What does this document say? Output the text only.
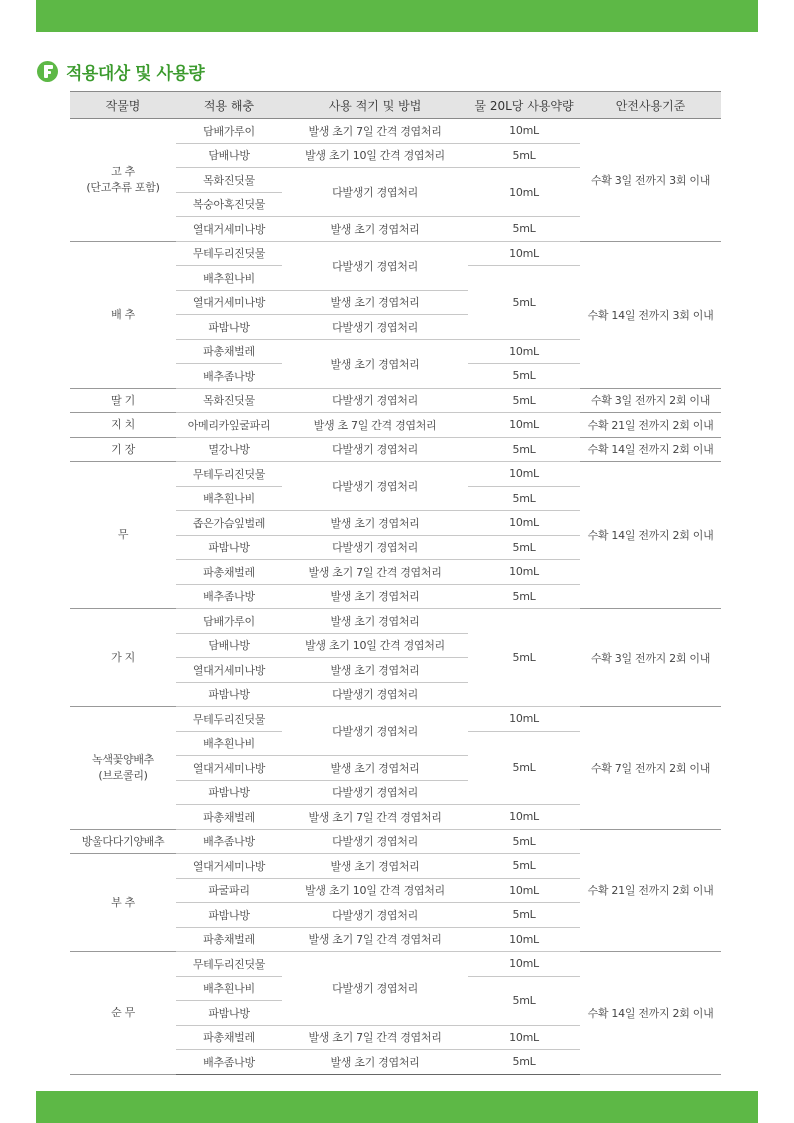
적용대상 및 사용량
작물명	적용 해충	사용 적기 및 방법	물 20L당 사용약량	안전사용기준
고 추
(단고추류 포함)	담배가루이	발생 초기 7일 간격 경엽처리	10mL	수확 3일 전까지 3회 이내
	담배나방	발생 초기 10일 간격 경엽처리	5mL	
	목화진딧물	다발생기 경엽처리	10mL	
	복숭아혹진딧물			
	열대거세미나방	발생 초기 경엽처리	5mL	
배 추	무테두리진딧물	다발생기 경엽처리	10mL	수확 14일 전까지 3회 이내
	배추흰나비		5mL	
	열대거세미나방	발생 초기 경엽처리		
	파밤나방	다발생기 경엽처리		
	파총채벌레	발생 초기 경엽처리	10mL	
	배추좀나방		5mL	
딸 기	목화진딧물	다발생기 경엽처리	5mL	수확 3일 전까지 2회 이내
지 치	아메리카잎굴파리	발생 초 7일 간격 경엽처리	10mL	수확 21일 전까지 2회 이내
기 장	멸강나방	다발생기 경엽처리	5mL	수확 14일 전까지 2회 이내
무	무테두리진딧물	다발생기 경엽처리	10mL	수확 14일 전까지 2회 이내
	배추흰나비		5mL	
	좁은가슴잎벌레	발생 초기 경엽처리	10mL	
	파밤나방	다발생기 경엽처리	5mL	
	파총채벌레	발생 초기 7일 간격 경엽처리	10mL	
	배추좀나방	발생 초기 경엽처리	5mL	
가 지	담배가루이	발생 초기 경엽처리	5mL	수확 3일 전까지 2회 이내
	담배나방	발생 초기 10일 간격 경엽처리		
	열대거세미나방	발생 초기 경엽처리		
	파밤나방	다발생기 경엽처리		
녹색꽃양배추
(브로콜리)	무테두리진딧물	다발생기 경엽처리	10mL	수확 7일 전까지 2회 이내
	배추흰나비		5mL	
	열대거세미나방	발생 초기 경엽처리		
	파밤나방	다발생기 경엽처리		
	파총채벌레	발생 초기 7일 간격 경엽처리	10mL	
방울다다기양배추	배추좀나방	다발생기 경엽처리	5mL	수확 21일 전까지 2회 이내
부 추	열대거세미나방	발생 초기 경엽처리	5mL	
	파굴파리	발생 초기 10일 간격 경엽처리	10mL	
	파밤나방	다발생기 경엽처리	5mL	
	파총채벌레	발생 초기 7일 간격 경엽처리	10mL	
순 무	무테두리진딧물	다발생기 경엽처리	10mL	수확 14일 전까지 2회 이내
	배추흰나비		5mL	
	파밤나방			
	파총채벌레	발생 초기 7일 간격 경엽처리	10mL	
	배추좀나방	발생 초기 경엽처리	5mL	
